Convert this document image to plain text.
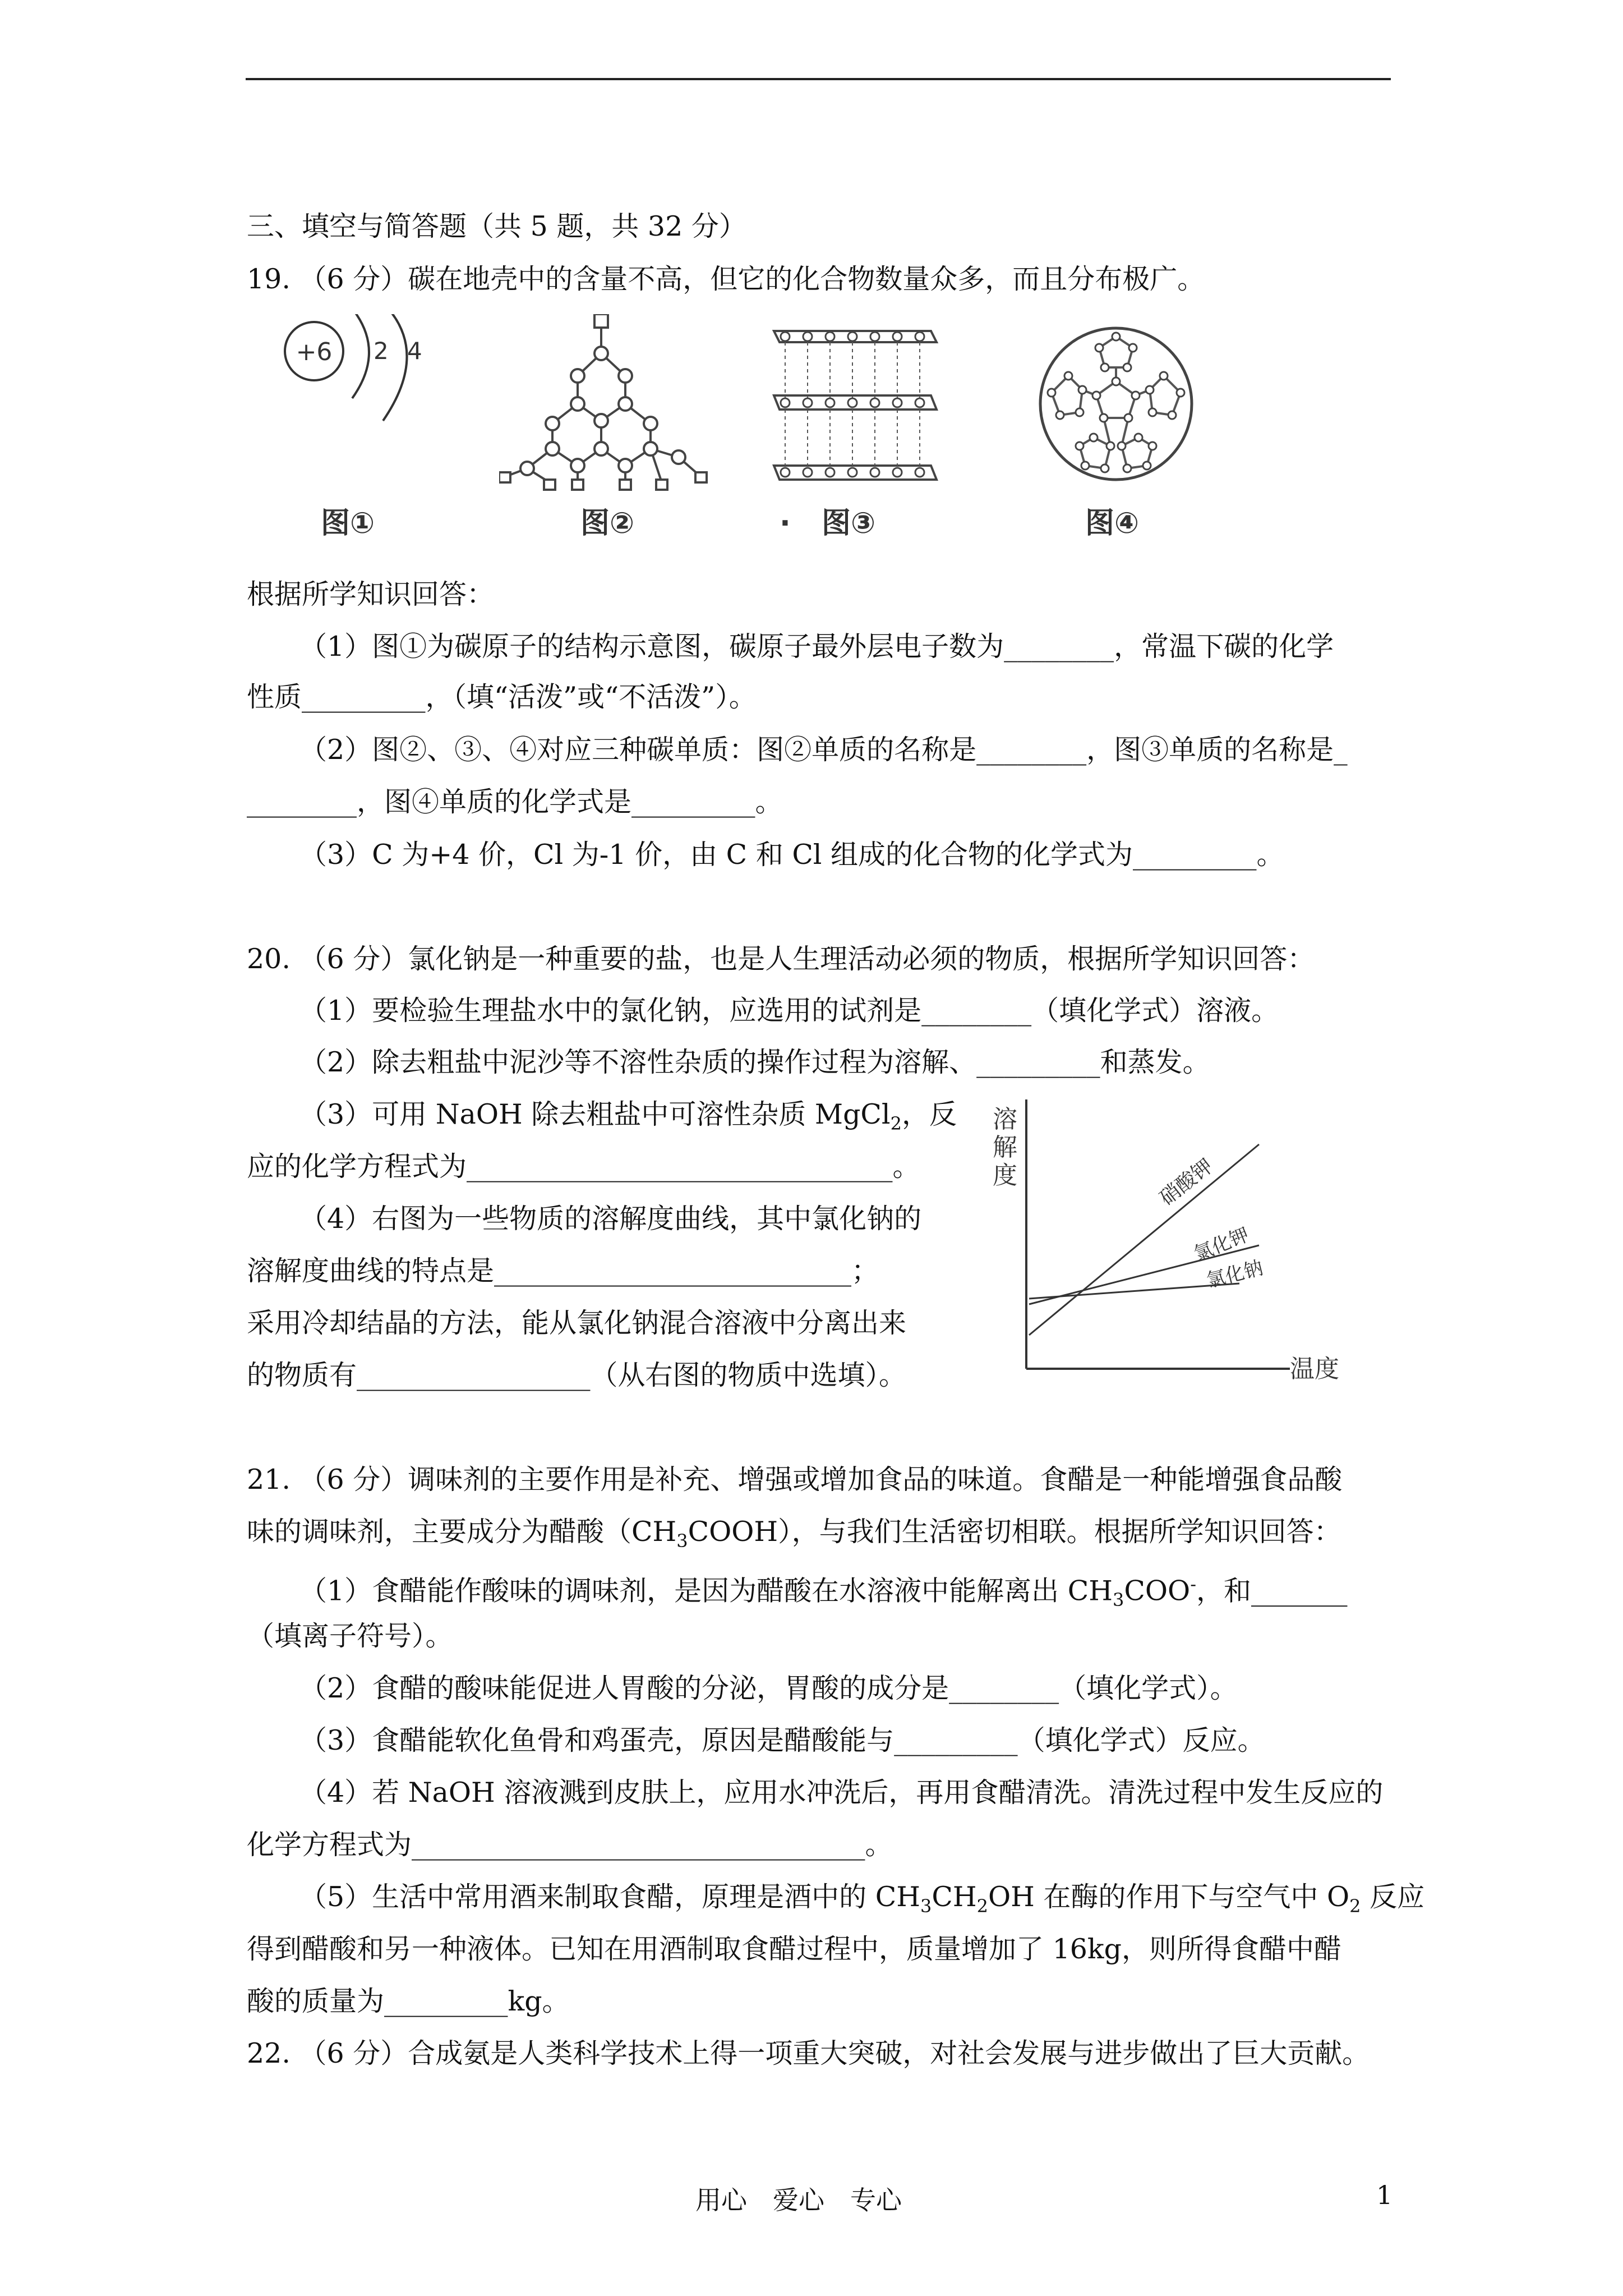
三、填空与简答题（共 5 题，共 32 分）
19. （6 分）碳在地壳中的含量不高，但它的化合物数量众多，而且分布极广。
+6 2 4

图①	图②	. 图③	图④
根据所学知识回答：
（1）图①为碳原子的结构示意图，碳原子最外层电子数为________，常温下碳的化学
性质_________，（填“活泼”或“不活泼”）。
（2）图②、③、④对应三种碳单质：图②单质的名称是________，图③单质的名称是_
________，图④单质的化学式是_________。
（3）C 为+4 价，Cl 为-1 价，由 C 和 Cl 组成的化合物的化学式为_________。
20. （6 分）氯化钠是一种重要的盐，也是人生理活动必须的物质，根据所学知识回答：
（1）要检验生理盐水中的氯化钠，应选用的试剂是________（填化学式）溶液。
（2）除去粗盐中泥沙等不溶性杂质的操作过程为溶解、_________和蒸发。
（3）可用 NaOH 除去粗盐中可溶性杂质 MgCl$_2$，反
应的化学方程式为_______________________________。
（4）右图为一些物质的溶解度曲线，其中氯化钠的
溶解度曲线的特点是__________________________；
采用冷却结晶的方法，能从氯化钠混合溶液中分离出来
的物质有_________________（从右图的物质中选填）。
溶
解
度
温度
硝酸钾
氯化钾
氯化钠
21. （6 分）调味剂的主要作用是补充、增强或增加食品的味道。食醋是一种能增强食品酸
味的调味剂，主要成分为醋酸$(CH_3COOH)$，与我们生活密切相联。根据所学知识回答：
（1）食醋能作酸味的调味剂，是因为醋酸在水溶液中能解离出 $CH_3COO^-$，和_______
（填离子符号）。
（2）食醋的酸味能促进人胃酸的分泌，胃酸的成分是________（填化学式）。
（3）食醋能软化鱼骨和鸡蛋壳，原因是醋酸能与_________（填化学式）反应。
（4）若 NaOH 溶液溅到皮肤上，应用水冲洗后，再用食醋清洗。清洗过程中发生反应的
化学方程式为_________________________________。
（5）生活中常用酒来制取食醋，原理是酒中的 $CH_3CH_2OH$ 在酶的作用下与空气中 $O_2$ 反应
得到醋酸和另一种液体。已知在用酒制取食醋过程中，质量增加了 16kg，则所得食醋中醋
酸的质量为_________kg。
22. （6 分）合成氨是人类科学技术上得一项重大突破，对社会发展与进步做出了巨大贡献。
用心　爱心　专心	1
